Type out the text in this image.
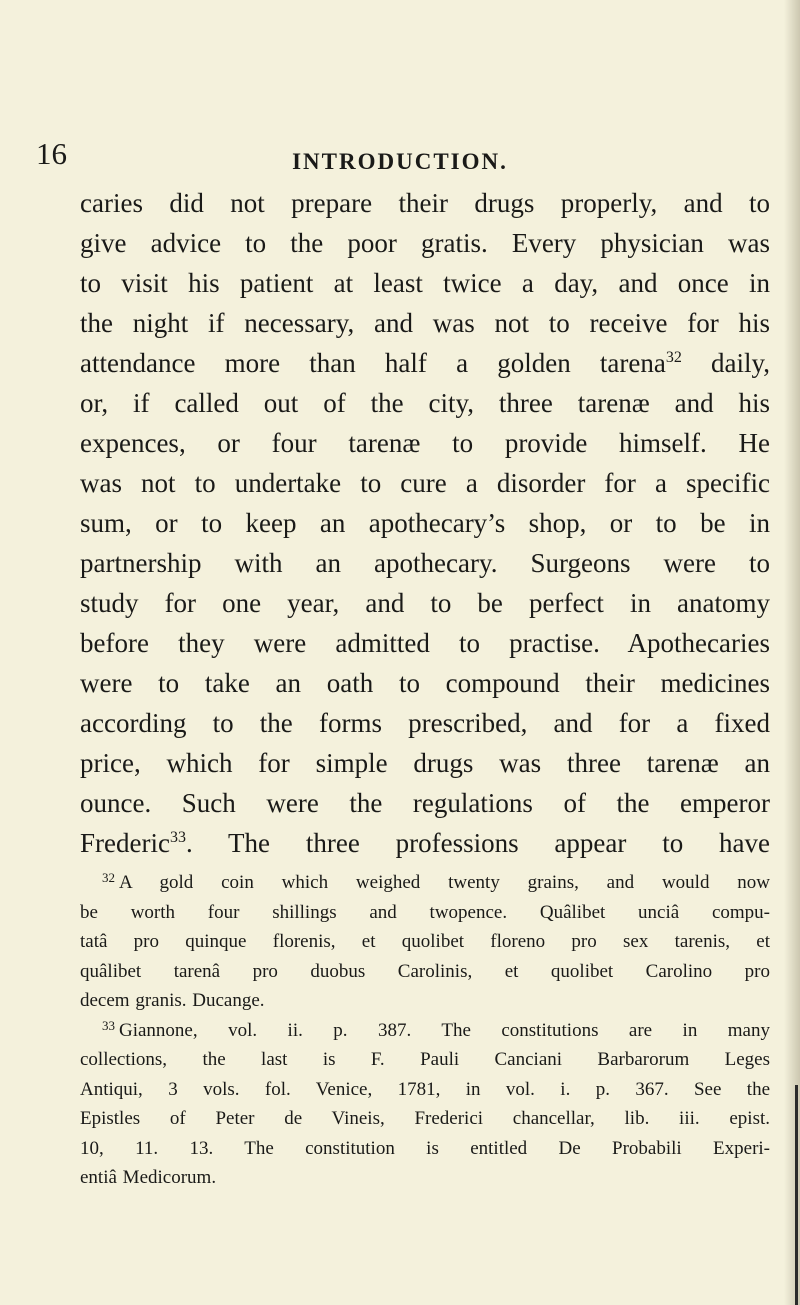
16	INTRODUCTION.
caries did not prepare their drugs properly, and to
give advice to the poor gratis. Every physician was
to visit his patient at least twice a day, and once in
the night if necessary, and was not to receive for his
attendance more than half a golden tarena$^{32}$ daily,
or, if called out of the city, three tarenæ and his
expences, or four tarenæ to provide himself. He
was not to undertake to cure a disorder for a specific
sum, or to keep an apothecary’s shop, or to be in
partnership with an apothecary. Surgeons were to
study for one year, and to be perfect in anatomy
before they were admitted to practise. Apothecaries
were to take an oath to compound their medicines
according to the forms prescribed, and for a fixed
price, which for simple drugs was three tarenæ an
ounce. Such were the regulations of the emperor
Frederic$^{33}$. The three professions appear to have
$^{32}$ A gold coin which weighed twenty grains, and would now
be worth four shillings and twopence. Quâlibet unciâ compu-
tatâ pro quinque florenis, et quolibet floreno pro sex tarenis, et
quâlibet tarenâ pro duobus Carolinis, et quolibet Carolino pro
decem granis. Ducange.
$^{33}$ Giannone, vol. ii. p. 387. The constitutions are in many
collections, the last is F. Pauli Canciani Barbarorum Leges
Antiqui, 3 vols. fol. Venice, 1781, in vol. i. p. 367. See the
Epistles of Peter de Vineis, Frederici chancellar, lib. iii. epist.
10, 11. 13. The constitution is entitled De Probabili Experi-
entiâ Medicorum.
